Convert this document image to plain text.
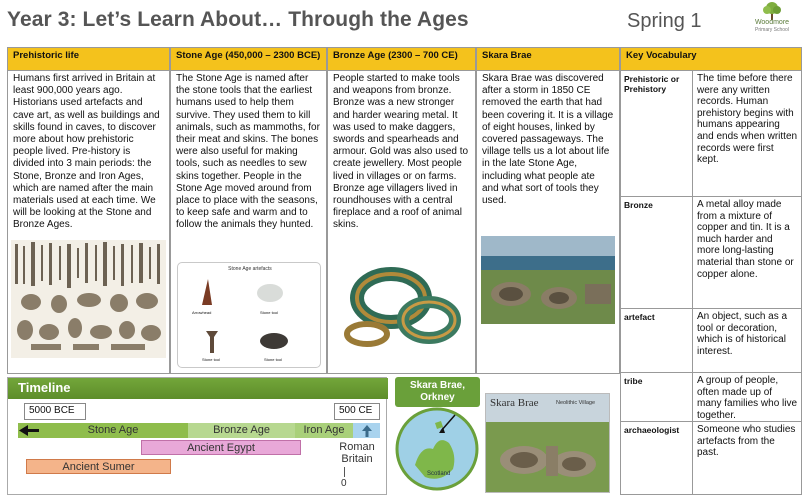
Year 3: Let’s Learn About… Through the Ages	Spring 1	Woodmore
Primary School
Prehistoric life
Humans first arrived in Britain at least 900,000 years ago. Historians used artefacts and cave art, as well as buildings and skills found in caves, to discover more about how prehistoric people lived. Pre-history is divided into 3 main periods: the Stone, Bronze and Iron Ages, which are named after the main materials used at each time. We will be looking at the Stone and Bronze Ages.
Stone Age (450,000 – 2300 BCE)
The Stone Age is named after the stone tools that the earliest humans used to help them survive. They used them to kill animals, such as mammoths, for their meat and skins. The bones were also useful for making tools, such as needles to sew skins together. People in the Stone Age moved around from place to place with the seasons, to keep safe and warm and to follow the animals they hunted.
Stone Age artefacts
Arrowhead	Stone tool
Stone tool	Stone tool
Bronze Age (2300 – 700 CE)
People started to make tools and weapons from bronze. Bronze was a new stronger and harder wearing metal. It was used to make daggers, swords and spearheads and armour. Gold was also used to create jewellery. Most people lived in villages or on farms. Bronze age villagers lived in roundhouses with a central fireplace and a roof of animal skins.
Skara Brae
Skara Brae was discovered after a storm in 1850 CE removed the earth that had been covering it. It is a village of eight houses, linked by covered passageways. The village tells us a lot about life in the late Stone Age, including what people ate and what sort of tools they used.
Key Vocabulary
Prehistoric or Prehistory
The time before there were any written records. Human prehistory begins with humans appearing and ends when written records were first kept.
Bronze	A metal alloy made from a mixture of copper and tin. It is a much harder and more long-lasting material than stone or copper alone.
artefact	An object, such as a tool or decoration, which is of historical interest.
tribe	A group of people, often made up of many families who live together.
archaeologist	Someone who studies artefacts from the past.
Timeline
5000 BCE	500 CE
Stone Age	Bronze Age	Iron Age
Ancient Egypt
Ancient Sumer
Roman Britain
0
Skara Brae, Orkney
Scotland
Skara Brae	Neolithic Village
